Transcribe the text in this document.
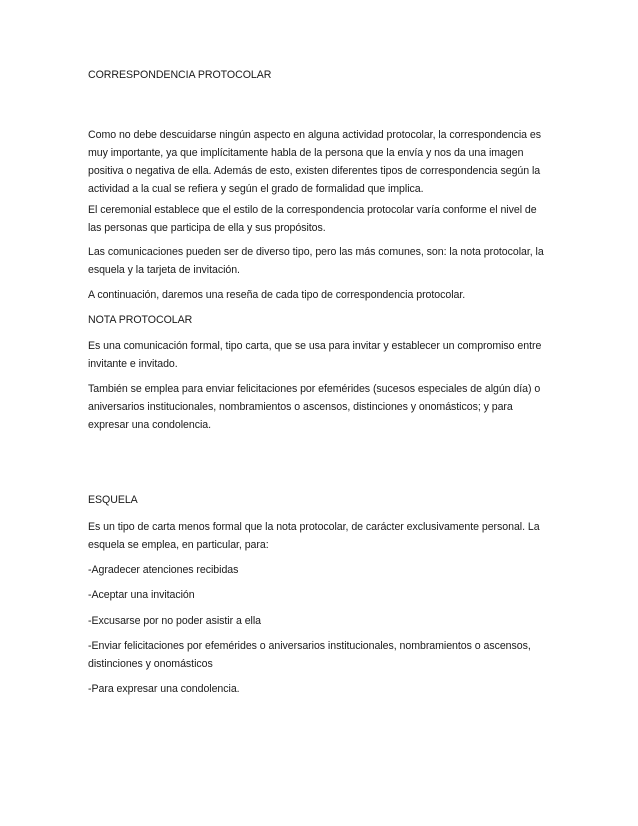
CORRESPONDENCIA PROTOCOLAR
Como no debe descuidarse ningún aspecto en alguna actividad protocolar, la correspondencia es muy importante, ya que implícitamente habla de la persona que la envía y nos da una imagen positiva o negativa de ella. Además de esto, existen diferentes tipos de correspondencia según la actividad a la cual se refiera y según el grado de formalidad que implica.
El ceremonial establece que el estilo de la correspondencia protocolar varía conforme el nivel de las personas que participa de ella y sus propósitos.
Las comunicaciones pueden ser de diverso tipo, pero las más comunes, son: la nota protocolar, la esquela y la tarjeta de invitación.
A continuación, daremos una reseña de cada tipo de correspondencia protocolar.
NOTA PROTOCOLAR
Es una comunicación formal, tipo carta, que se usa para invitar y establecer un compromiso entre invitante e invitado.
También se emplea para enviar felicitaciones por efemérides (sucesos especiales de algún día) o aniversarios institucionales, nombramientos o ascensos, distinciones y onomásticos; y para expresar una condolencia.
ESQUELA
Es un tipo de carta menos formal que la nota protocolar, de carácter exclusivamente personal. La esquela se emplea, en particular, para:
-Agradecer atenciones recibidas
-Aceptar una invitación
-Excusarse por no poder asistir a ella
-Enviar felicitaciones por efemérides o aniversarios institucionales, nombramientos o ascensos, distinciones y onomásticos
-Para expresar una condolencia.
